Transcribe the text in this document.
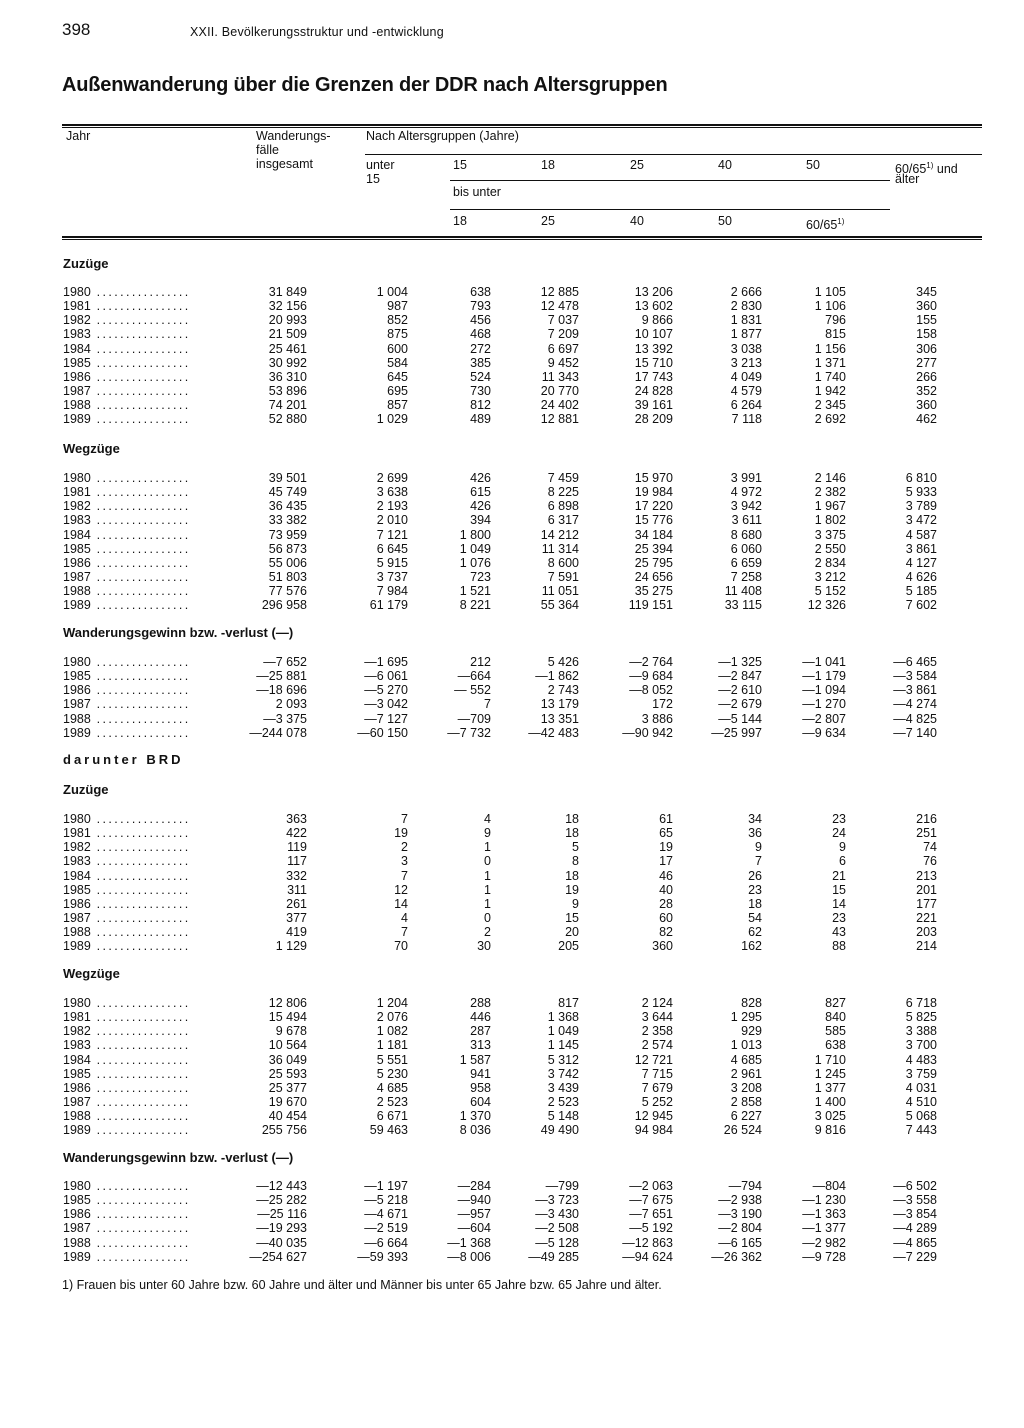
398	XXII. Bevölkerungsstruktur und -entwicklung
Außenwanderung über die Grenzen der DDR nach Altersgruppen
Jahr	Wanderungs-
fälle
insgesamt
Nach Altersgruppen (Jahre)
unter
15
15	18	25	40	50	60/65$^{1)}$ und
älter
bis unter
18	25	40	50	60/65$^{1)}$
Zuzüge
1980 ................	31 849	1 004	638	12 885	13 206	2 666	1 105	345
1981 ................	32 156	987	793	12 478	13 602	2 830	1 106	360
1982 ................	20 993	852	456	7 037	9 866	1 831	796	155
1983 ................	21 509	875	468	7 209	10 107	1 877	815	158
1984 ................	25 461	600	272	6 697	13 392	3 038	1 156	306
1985 ................	30 992	584	385	9 452	15 710	3 213	1 371	277
1986 ................	36 310	645	524	11 343	17 743	4 049	1 740	266
1987 ................	53 896	695	730	20 770	24 828	4 579	1 942	352
1988 ................	74 201	857	812	24 402	39 161	6 264	2 345	360
1989 ................	52 880	1 029	489	12 881	28 209	7 118	2 692	462
Wegzüge
1980 ................	39 501	2 699	426	7 459	15 970	3 991	2 146	6 810
1981 ................	45 749	3 638	615	8 225	19 984	4 972	2 382	5 933
1982 ................	36 435	2 193	426	6 898	17 220	3 942	1 967	3 789
1983 ................	33 382	2 010	394	6 317	15 776	3 611	1 802	3 472
1984 ................	73 959	7 121	1 800	14 212	34 184	8 680	3 375	4 587
1985 ................	56 873	6 645	1 049	11 314	25 394	6 060	2 550	3 861
1986 ................	55 006	5 915	1 076	8 600	25 795	6 659	2 834	4 127
1987 ................	51 803	3 737	723	7 591	24 656	7 258	3 212	4 626
1988 ................	77 576	7 984	1 521	11 051	35 275	11 408	5 152	5 185
1989 ................	296 958	61 179	8 221	55 364	119 151	33 115	12 326	7 602
Wanderungsgewinn bzw. -verlust (—)
1980 ................	—7 652	—1 695	212	5 426	—2 764	—1 325	—1 041	—6 465
1985 ................	—25 881	—6 061	—664	—1 862	—9 684	—2 847	—1 179	—3 584
1986 ................	—18 696	—5 270	— 552	2 743	—8 052	—2 610	—1 094	—3 861
1987 ................	2 093	—3 042	7	13 179	172	—2 679	—1 270	—4 274
1988 ................	—3 375	—7 127	—709	13 351	3 886	—5 144	—2 807	—4 825
1989 ................	—244 078	—60 150	—7 732	—42 483	—90 942	—25 997	—9 634	—7 140
darunter BRD
Zuzüge
1980 ................	363	7	4	18	61	34	23	216
1981 ................	422	19	9	18	65	36	24	251
1982 ................	119	2	1	5	19	9	9	74
1983 ................	117	3	0	8	17	7	6	76
1984 ................	332	7	1	18	46	26	21	213
1985 ................	311	12	1	19	40	23	15	201
1986 ................	261	14	1	9	28	18	14	177
1987 ................	377	4	0	15	60	54	23	221
1988 ................	419	7	2	20	82	62	43	203
1989 ................	1 129	70	30	205	360	162	88	214
Wegzüge
1980 ................	12 806	1 204	288	817	2 124	828	827	6 718
1981 ................	15 494	2 076	446	1 368	3 644	1 295	840	5 825
1982 ................	9 678	1 082	287	1 049	2 358	929	585	3 388
1983 ................	10 564	1 181	313	1 145	2 574	1 013	638	3 700
1984 ................	36 049	5 551	1 587	5 312	12 721	4 685	1 710	4 483
1985 ................	25 593	5 230	941	3 742	7 715	2 961	1 245	3 759
1986 ................	25 377	4 685	958	3 439	7 679	3 208	1 377	4 031
1987 ................	19 670	2 523	604	2 523	5 252	2 858	1 400	4 510
1988 ................	40 454	6 671	1 370	5 148	12 945	6 227	3 025	5 068
1989 ................	255 756	59 463	8 036	49 490	94 984	26 524	9 816	7 443
Wanderungsgewinn bzw. -verlust (—)
1980 ................	—12 443	—1 197	—284	—799	—2 063	—794	—804	—6 502
1985 ................	—25 282	—5 218	—940	—3 723	—7 675	—2 938	—1 230	—3 558
1986 ................	—25 116	—4 671	—957	—3 430	—7 651	—3 190	—1 363	—3 854
1987 ................	—19 293	—2 519	—604	—2 508	—5 192	—2 804	—1 377	—4 289
1988 ................	—40 035	—6 664	—1 368	—5 128	—12 863	—6 165	—2 982	—4 865
1989 ................	—254 627	—59 393	—8 006	—49 285	—94 624	—26 362	—9 728	—7 229
1) Frauen bis unter 60 Jahre bzw. 60 Jahre und älter und Männer bis unter 65 Jahre bzw. 65 Jahre und älter.
